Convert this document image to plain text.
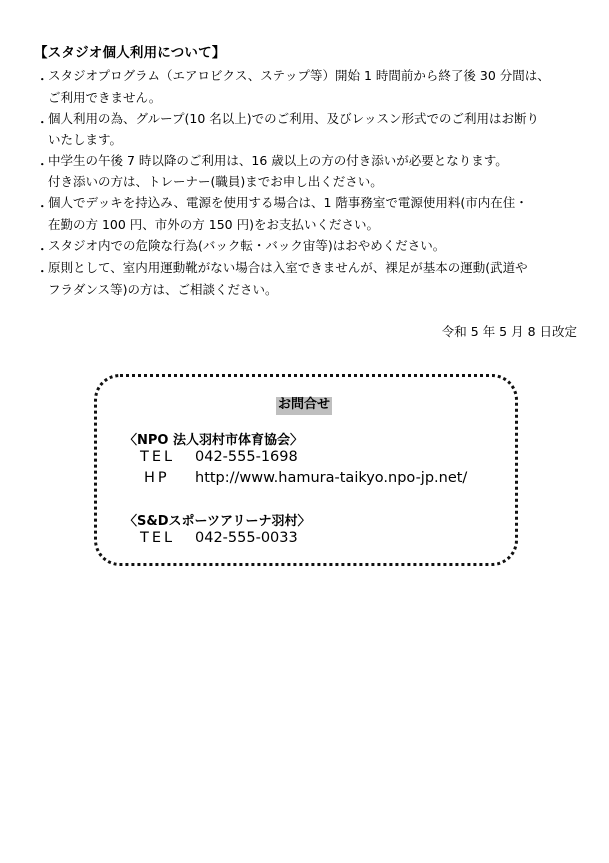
【スタジオ個人利用について】
・ スタジオプログラム（エアロビクス、ステップ等）開始 1 時間前から終了後 30 分間は、
ご利用できません。
・ 個人利用の為、グループ(10 名以上)でのご利用、及びレッスン形式でのご利用はお断り
いたします。
・ 中学生の午後 7 時以降のご利用は、16 歳以上の方の付き添いが必要となります。
付き添いの方は、トレーナー(職員)までお申し出ください。
・ 個人でデッキを持込み、電源を使用する場合は、1 階事務室で電源使用料(市内在住・
在勤の方 100 円、市外の方 150 円)をお支払いください。
・ スタジオ内での危険な行為(バック転・バック宙等)はおやめください。
・ 原則として、室内用運動靴がない場合は入室できませんが、裸足が基本の運動(武道や
フラダンス等)の方は、ご相談ください。
令和 5 年 5 月 8 日改定
お問合せ
〈NPO 法人羽村市体育協会〉
TEL 042-555-1698
HP http://www.hamura-taikyo.npo-jp.net/
〈S&Dスポーツアリーナ羽村〉
TEL 042-555-0033
